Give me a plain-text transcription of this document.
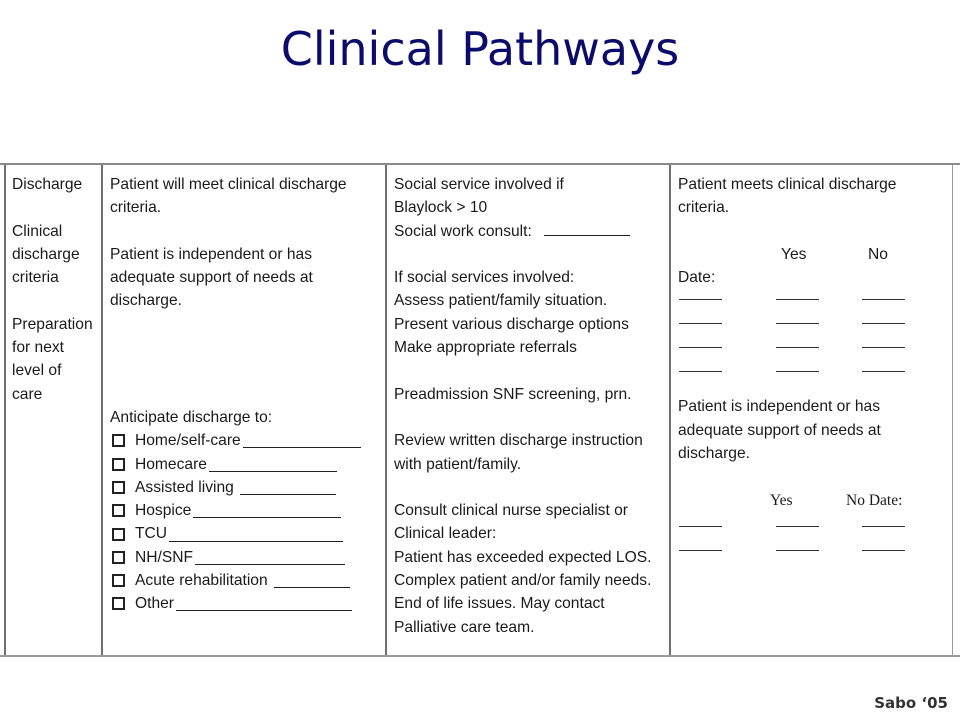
Clinical Pathways

Discharge

Clinical

discharge

criteria

Preparation

for next

level of

care

Patient will meet clinical discharge

criteria.

Patient is independent or has

adequate support of needs at

discharge.

Anticipate discharge to:

Home/self-care
Homecare
Assisted living
Hospice
TCU
NH/SNF
Acute rehabilitation
Other

Social service involved if

Blaylock > 10

Social work consult:

If social services involved:

Assess patient/family situation.

Present various discharge options

Make appropriate referrals

Preadmission SNF screening, prn.

Review written discharge instruction

with patient/family.

Consult clinical nurse specialist or

Clinical leader:

Patient has exceeded expected LOS.

Complex patient and/or family needs.

End of life issues. May contact

Palliative care team.

Patient meets clinical discharge

criteria.

Yes	No

Date:

Patient is independent or has

adequate support of needs at

discharge.

Yes	No Date:
Sabo ‘05
